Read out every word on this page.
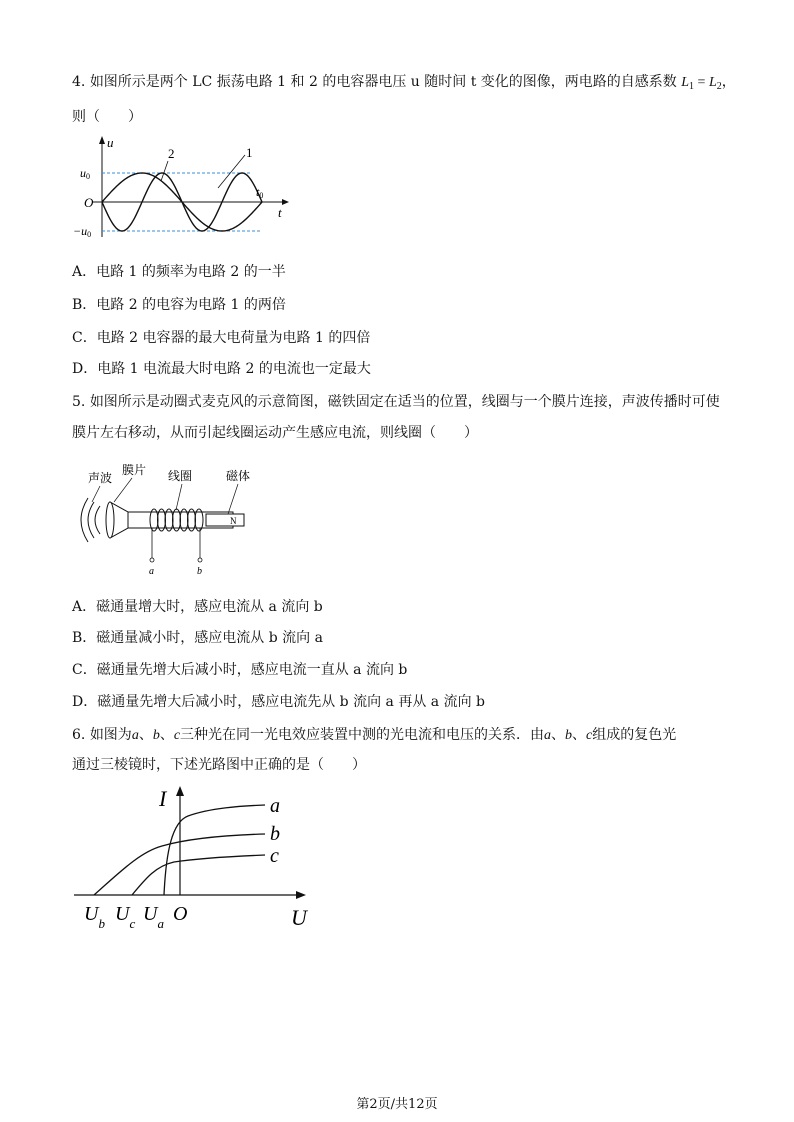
4. 如图所示是两个 LC 振荡电路 1 和 2 的电容器电压 u 随时间 t 变化的图像，两电路的自感系数 $L_1 = L_2$，
则（　　）
u
t
u0
−u0
O
t0
2	1
A．电路 1 的频率为电路 2 的一半
B．电路 2 的电容为电路 1 的两倍
C．电路 2 电容器的最大电荷量为电路 1 的四倍
D．电路 1 电流最大时电路 2 的电流也一定最大
5. 如图所示是动圈式麦克风的示意简图，磁铁固定在适当的位置，线圈与一个膜片连接，声波传播时可使
膜片左右移动，从而引起线圈运动产生感应电流，则线圈（　　）
N
a	b
声波
膜片 线圈	磁体
A．磁通量增大时，感应电流从 a 流向 b
B．磁通量减小时，感应电流从 b 流向 a
C．磁通量先增大后减小时，感应电流一直从 a 流向 b
D．磁通量先增大后减小时，感应电流先从 b 流向 a 再从 a 流向 b
6. 如图为a、b、c三种光在同一光电效应装置中测的光电流和电压的关系．由a、b、c组成的复色光
通过三棱镜时，下述光路图中正确的是（　　）
I
U
a
b
c
O
$U_b$ $U_c$ $U_a$
第2页/共12页
